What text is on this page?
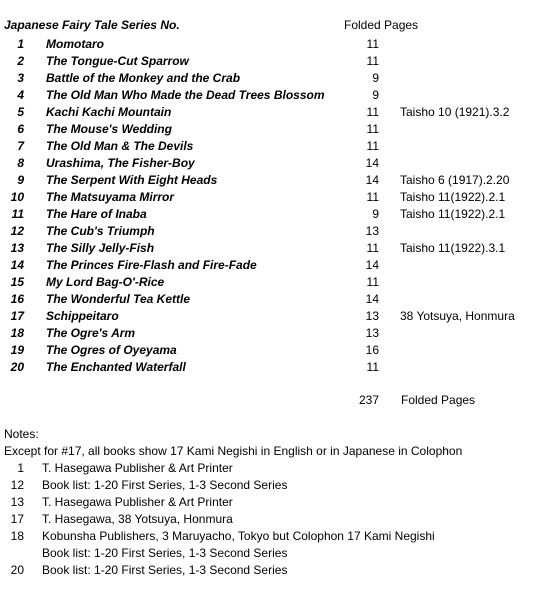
Japanese Fairy Tale Series No.	Folded Pages
1 Momotaro	11
2 The Tongue-Cut Sparrow	11
3 Battle of the Monkey and the Crab	9
4 The Old Man Who Made the Dead Trees Blossom	9
5 Kachi Kachi Mountain	11 Taisho 10 (1921).3.2
6 The Mouse's Wedding	11
7 The Old Man & The Devils	11
8 Urashima, The Fisher-Boy	14
9 The Serpent With Eight Heads	14 Taisho 6 (1917).2.20
10 The Matsuyama Mirror	11 Taisho 11(1922).2.1
11 The Hare of Inaba	9 Taisho 11(1922).2.1
12 The Cub's Triumph	13
13 The Silly Jelly-Fish	11 Taisho 11(1922).3.1
14 The Princes Fire-Flash and Fire-Fade	14
15 My Lord Bag-O'-Rice	11
16 The Wonderful Tea Kettle	14
17 Schippeitaro	13 38 Yotsuya, Honmura
18 The Ogre's Arm	13
19 The Ogres of Oyeyama	16
20 The Enchanted Waterfall	11
237 Folded Pages
Notes:
Except for #17, all books show 17 Kami Negishi in English or in Japanese in Colophon
1 T. Hasegawa Publisher & Art Printer
12 Book list: 1-20 First Series, 1-3 Second Series
13 T. Hasegawa Publisher & Art Printer
17 T. Hasegawa, 38 Yotsuya, Honmura
18 Kobunsha Publishers, 3 Maruyacho, Tokyo but Colophon 17 Kami Negishi
Book list: 1-20 First Series, 1-3 Second Series
20 Book list: 1-20 First Series, 1-3 Second Series
